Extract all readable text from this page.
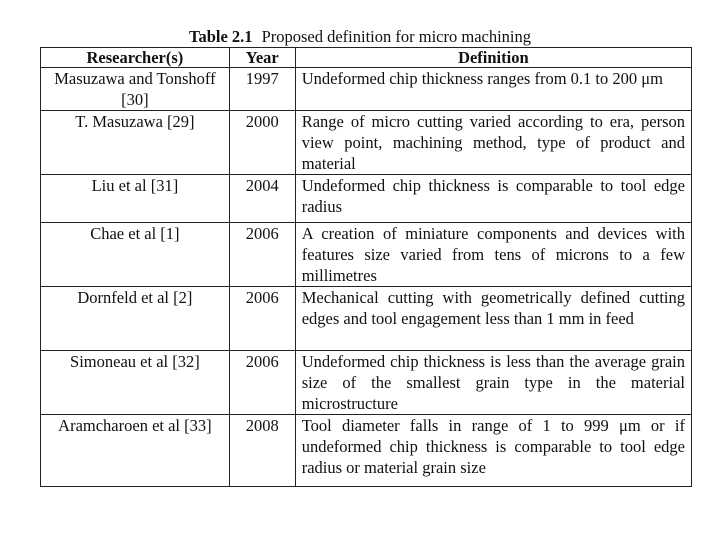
Table 2.1 Proposed definition for micro machining
Researcher(s)	Year	Definition
Masuzawa and Tonshoff [30]	1997	Undeformed chip thickness ranges from 0.1 to 200 μm
T. Masuzawa [29]	2000	Range of micro cutting varied according to era, person view point, machining method, type of product and material
Liu et al [31]	2004	Undeformed chip thickness is comparable to tool edge radius
Chae et al [1]	2006	A creation of miniature components and devices with features size varied from tens of microns to a few millimetres
Dornfeld et al [2]	2006	Mechanical cutting with geometrically defined cutting edges and tool engagement less than 1 mm in feed
Simoneau et al [32]	2006	Undeformed chip thickness is less than the average grain size of the smallest grain type in the material microstructure
Aramcharoen et al [33]	2008	Tool diameter falls in range of 1 to 999 μm or if undeformed chip thickness is comparable to tool edge radius or material grain size
